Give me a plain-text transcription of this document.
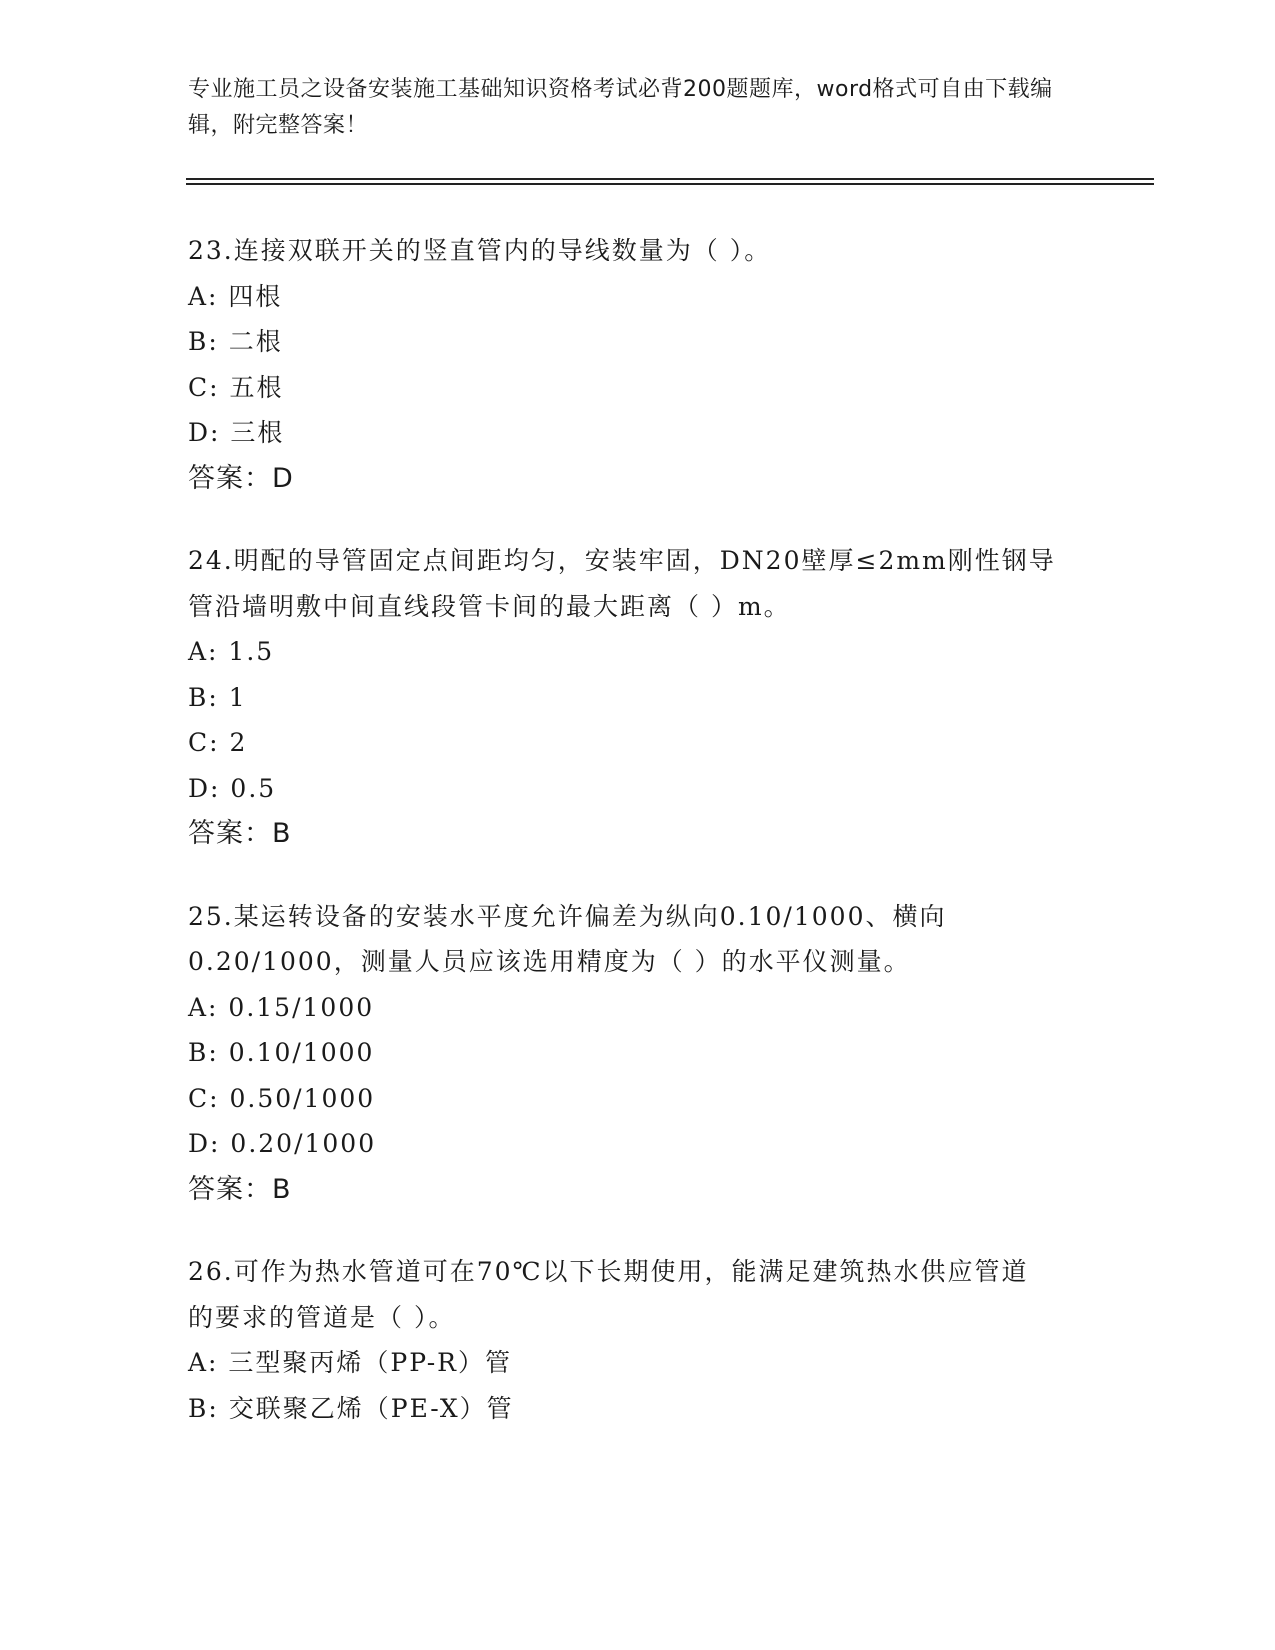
专业施工员之设备安装施工基础知识资格考试必背200题题库，word格式可自由下载编辑，附完整答案！
23.连接双联开关的竖直管内的导线数量为（ ）。
A: 四根
B: 二根
C: 五根
D: 三根
答案：D
24.明配的导管固定点间距均匀，安装牢固，DN20壁厚≤2mm刚性钢导
管沿墙明敷中间直线段管卡间的最大距离（ ）m。
A: 1.5
B: 1
C: 2
D: 0.5
答案：B
25.某运转设备的安装水平度允许偏差为纵向0.10/1000、横向
0.20/1000，测量人员应该选用精度为（ ）的水平仪测量。
A: 0.15/1000
B: 0.10/1000
C: 0.50/1000
D: 0.20/1000
答案：B
26.可作为热水管道可在70℃以下长期使用，能满足建筑热水供应管道
的要求的管道是（ ）。
A: 三型聚丙烯（PP-R）管
B: 交联聚乙烯（PE-X）管
